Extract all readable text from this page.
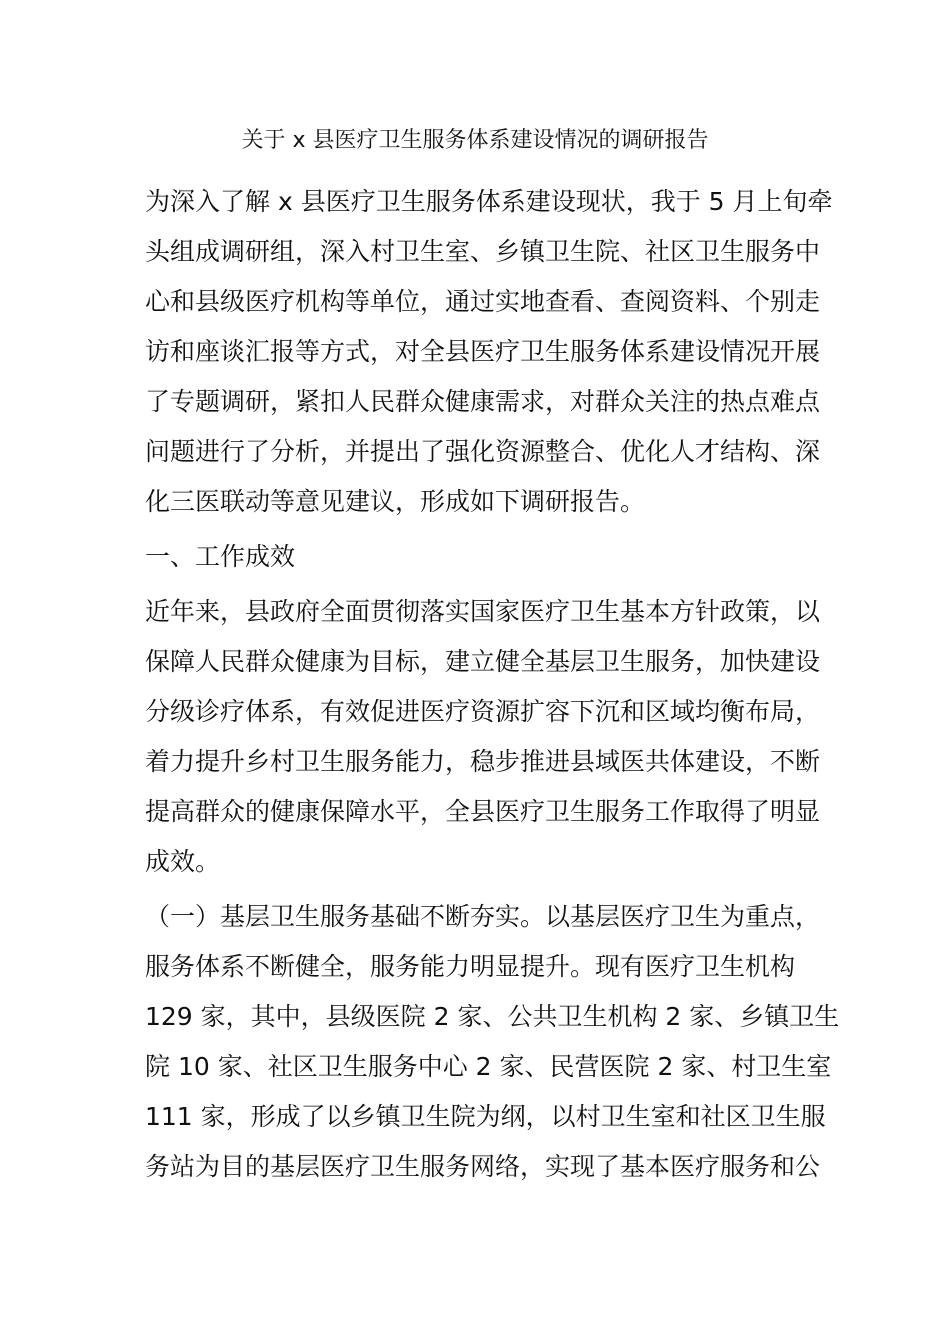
关于 x 县医疗卫生服务体系建设情况的调研报告
为深入了解 x 县医疗卫生服务体系建设现状，我于 5 月上旬牵
头组成调研组，深入村卫生室、乡镇卫生院、社区卫生服务中
心和县级医疗机构等单位，通过实地查看、查阅资料、个别走
访和座谈汇报等方式，对全县医疗卫生服务体系建设情况开展
了专题调研，紧扣人民群众健康需求，对群众关注的热点难点
问题进行了分析，并提出了强化资源整合、优化人才结构、深
化三医联动等意见建议，形成如下调研报告。
一、工作成效
近年来，县政府全面贯彻落实国家医疗卫生基本方针政策，以
保障人民群众健康为目标，建立健全基层卫生服务，加快建设
分级诊疗体系，有效促进医疗资源扩容下沉和区域均衡布局，
着力提升乡村卫生服务能力，稳步推进县域医共体建设，不断
提高群众的健康保障水平，全县医疗卫生服务工作取得了明显
成效。
（一）基层卫生服务基础不断夯实。以基层医疗卫生为重点，
服务体系不断健全，服务能力明显提升。现有医疗卫生机构
129 家，其中，县级医院 2 家、公共卫生机构 2 家、乡镇卫生
院 10 家、社区卫生服务中心 2 家、民营医院 2 家、村卫生室
111 家，形成了以乡镇卫生院为纲，以村卫生室和社区卫生服
务站为目的基层医疗卫生服务网络，实现了基本医疗服务和公
